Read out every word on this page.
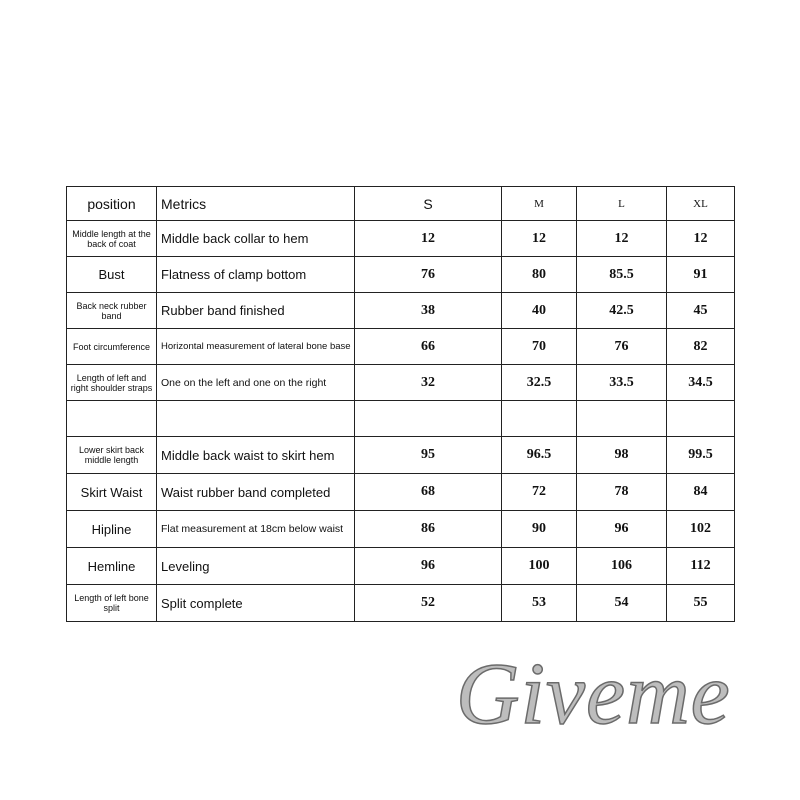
position	Metrics	S	M	L	XL
Middle length at the back of coat	Middle back collar to hem	12	12	12	12
Bust	Flatness of clamp bottom	76	80	85.5	91
Back neck rubber band	Rubber band finished	38	40	42.5	45
Foot circumference	Horizontal measurement of lateral bone base	66	70	76	82
Length of left and right shoulder straps	One on the left and one on the right	32	32.5	33.5	34.5

Lower skirt back middle length	Middle back waist to skirt hem	95	96.5	98	99.5
Skirt Waist	Waist rubber band completed	68	72	78	84
Hipline	Flat measurement at 18cm below waist	86	90	96	102
Hemline	Leveling	96	100	106	112
Length of left bone split	Split complete	52	53	54	55
Giveme
